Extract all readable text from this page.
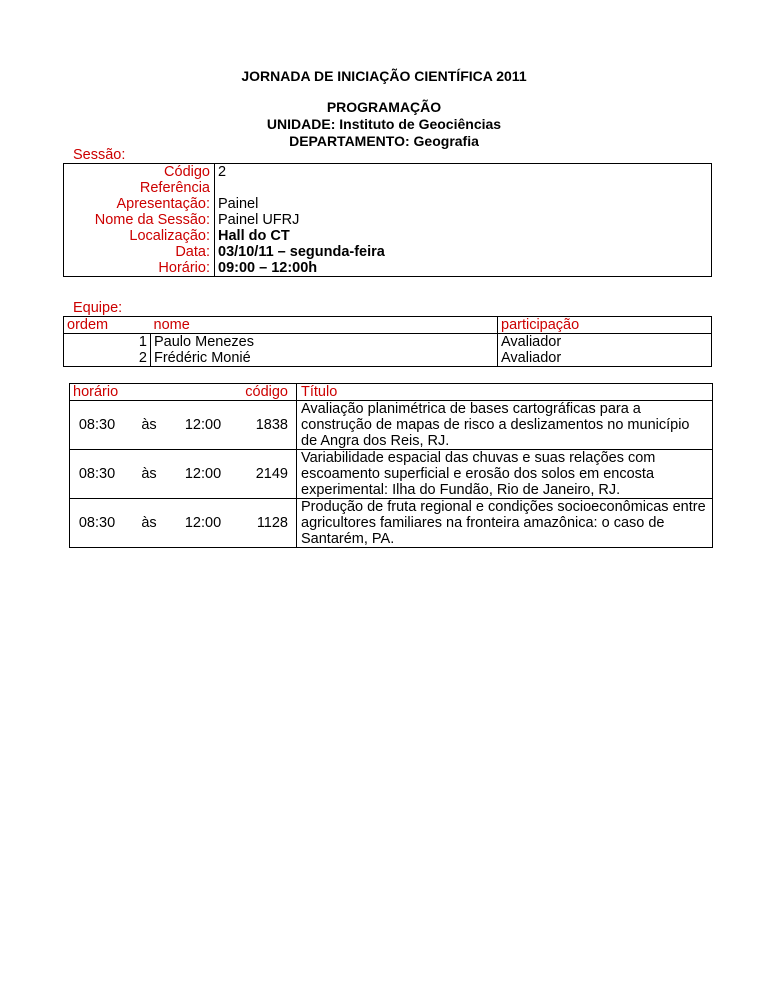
JORNADA DE INICIAÇÃO CIENTÍFICA 2011
PROGRAMAÇÃO
UNIDADE: Instituto de Geociências
DEPARTAMENTO: Geografia
Sessão:
Código	2
Referência	
Apresentação:	Painel
Nome da Sessão:	Painel UFRJ
Localização:	Hall do CT
Data:	03/10/11 – segunda-feira
Horário:	09:00 – 12:00h
Equipe:
ordem	nome	participação
1	Paulo Menezes	Avaliador
2	Frédéric Monié	Avaliador
horário			código	Título
08:30	às	12:00	1838	Avaliação planimétrica de bases cartográficas para a construção de mapas de risco a deslizamentos no município de Angra dos Reis, RJ.
08:30	às	12:00	2149	Variabilidade espacial das chuvas e suas relações com escoamento superficial e erosão dos solos em encosta experimental: Ilha do Fundão, Rio de Janeiro, RJ.
08:30	às	12:00	1128	Produção de fruta regional e condições socioeconômicas entre agricultores familiares na fronteira amazônica: o caso de Santarém, PA.
